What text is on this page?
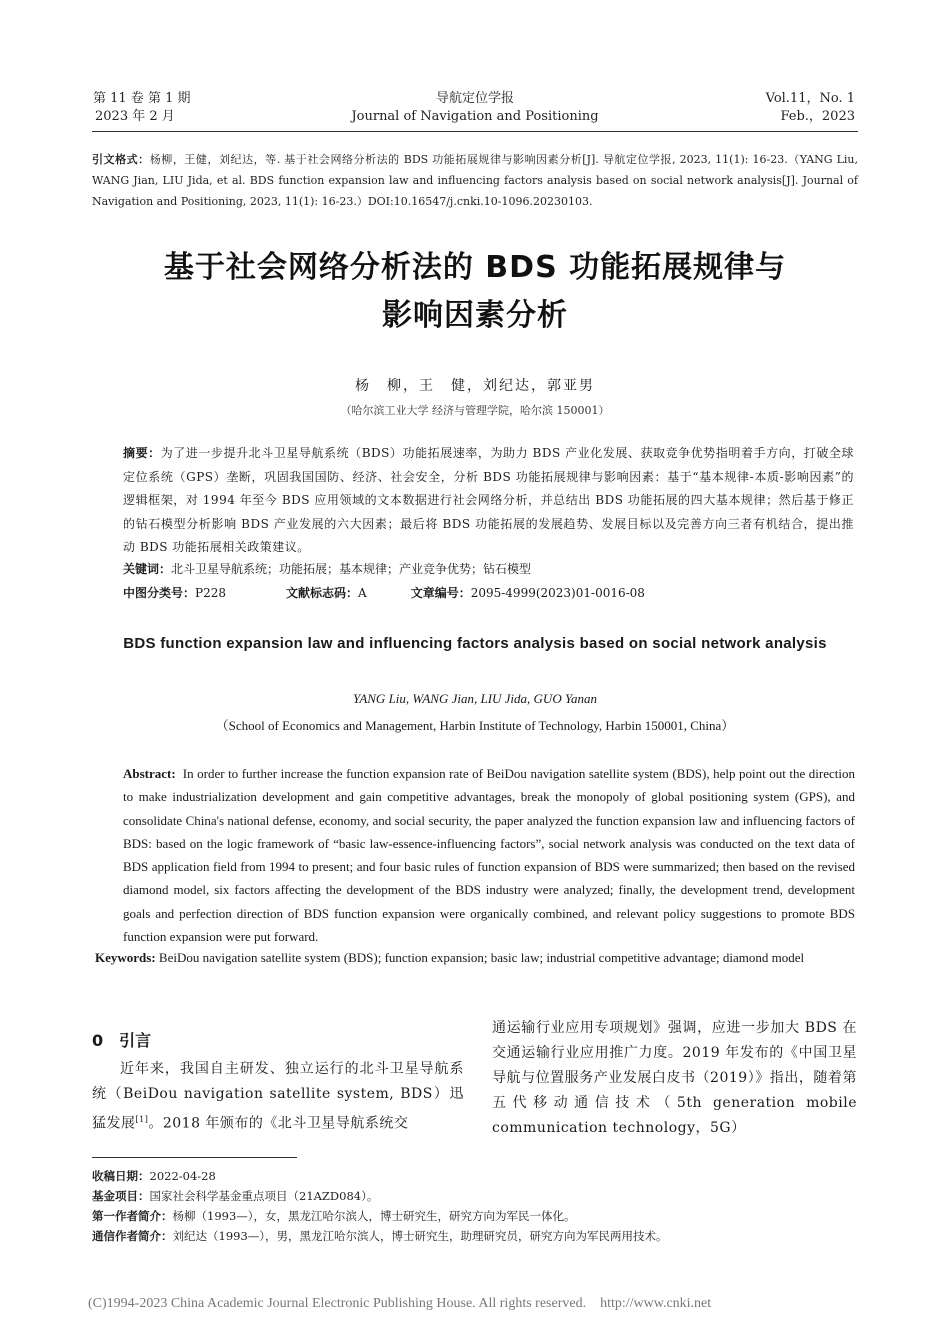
第 11 卷 第 1 期
2023 年 2 月
导航定位学报
Journal of Navigation and Positioning
Vol.11，No. 1
Feb.，2023
引文格式：杨柳，王健，刘纪达，等. 基于社会网络分析法的 BDS 功能拓展规律与影响因素分析[J]. 导航定位学报, 2023, 11(1): 16-23.（YANG Liu, WANG Jian, LIU Jida, et al. BDS function expansion law and influencing factors analysis based on social network analysis[J]. Journal of Navigation and Positioning, 2023, 11(1): 16-23.）DOI:10.16547/j.cnki.10-1096.20230103.
基于社会网络分析法的 BDS 功能拓展规律与
影响因素分析
杨　柳，王　健，刘纪达，郭亚男
（哈尔滨工业大学 经济与管理学院，哈尔滨 150001）
摘要：为了进一步提升北斗卫星导航系统（BDS）功能拓展速率，为助力 BDS 产业化发展、获取竞争优势指明着手方向，打破全球定位系统（GPS）垄断，巩固我国国防、经济、社会安全，分析 BDS 功能拓展规律与影响因素：基于“基本规律-本质-影响因素”的逻辑框架，对 1994 年至今 BDS 应用领域的文本数据进行社会网络分析，并总结出 BDS 功能拓展的四大基本规律；然后基于修正的钻石模型分析影响 BDS 产业发展的六大因素；最后将 BDS 功能拓展的发展趋势、发展目标以及完善方向三者有机结合，提出推动 BDS 功能拓展相关政策建议。
关键词：北斗卫星导航系统；功能拓展；基本规律；产业竞争优势；钻石模型
中图分类号：P228	文献标志码：A	文章编号：2095-4999(2023)01-0016-08
BDS function expansion law and influencing factors analysis based on social network analysis
YANG Liu, WANG Jian, LIU Jida, GUO Yanan
（School of Economics and Management, Harbin Institute of Technology, Harbin 150001, China）
Abstract:  In order to further increase the function expansion rate of BeiDou navigation satellite system (BDS), help point out the direction to make industrialization development and gain competitive advantages, break the monopoly of global positioning system (GPS), and consolidate China's national defense, economy, and social security, the paper analyzed the function expansion law and influencing factors of BDS: based on the logic framework of “basic law-essence-influencing factors”, social network analysis was conducted on the text data of BDS application field from 1994 to present; and four basic rules of function expansion of BDS were summarized; then based on the revised diamond model, six factors affecting the development of the BDS industry were analyzed; finally, the development trend, development goals and perfection direction of BDS function expansion were organically combined, and relevant policy suggestions to promote BDS function expansion were put forward.
Keywords: BeiDou navigation satellite system (BDS); function expansion; basic law; industrial competitive advantage; diamond model
0 引言
近年来，我国自主研发、独立运行的北斗卫星导航系统（BeiDou navigation satellite system, BDS）迅猛发展[1]。2018 年颁布的《北斗卫星导航系统交
通运输行业应用专项规划》强调，应进一步加大 BDS 在交通运输行业应用推广力度。2019 年发布的《中国卫星导航与位置服务产业发展白皮书（2019）》指出，随着第五代移动通信技术（5th generation mobile communication technology，5G）
收稿日期：2022-04-28
基金项目：国家社会科学基金重点项目（21AZD084）。
第一作者简介：杨柳（1993—），女，黑龙江哈尔滨人，博士研究生，研究方向为军民一体化。
通信作者简介：刘纪达（1993—），男，黑龙江哈尔滨人，博士研究生，助理研究员，研究方向为军民两用技术。
(C)1994-2023 China Academic Journal Electronic Publishing House. All rights reserved. http://www.cnki.net
